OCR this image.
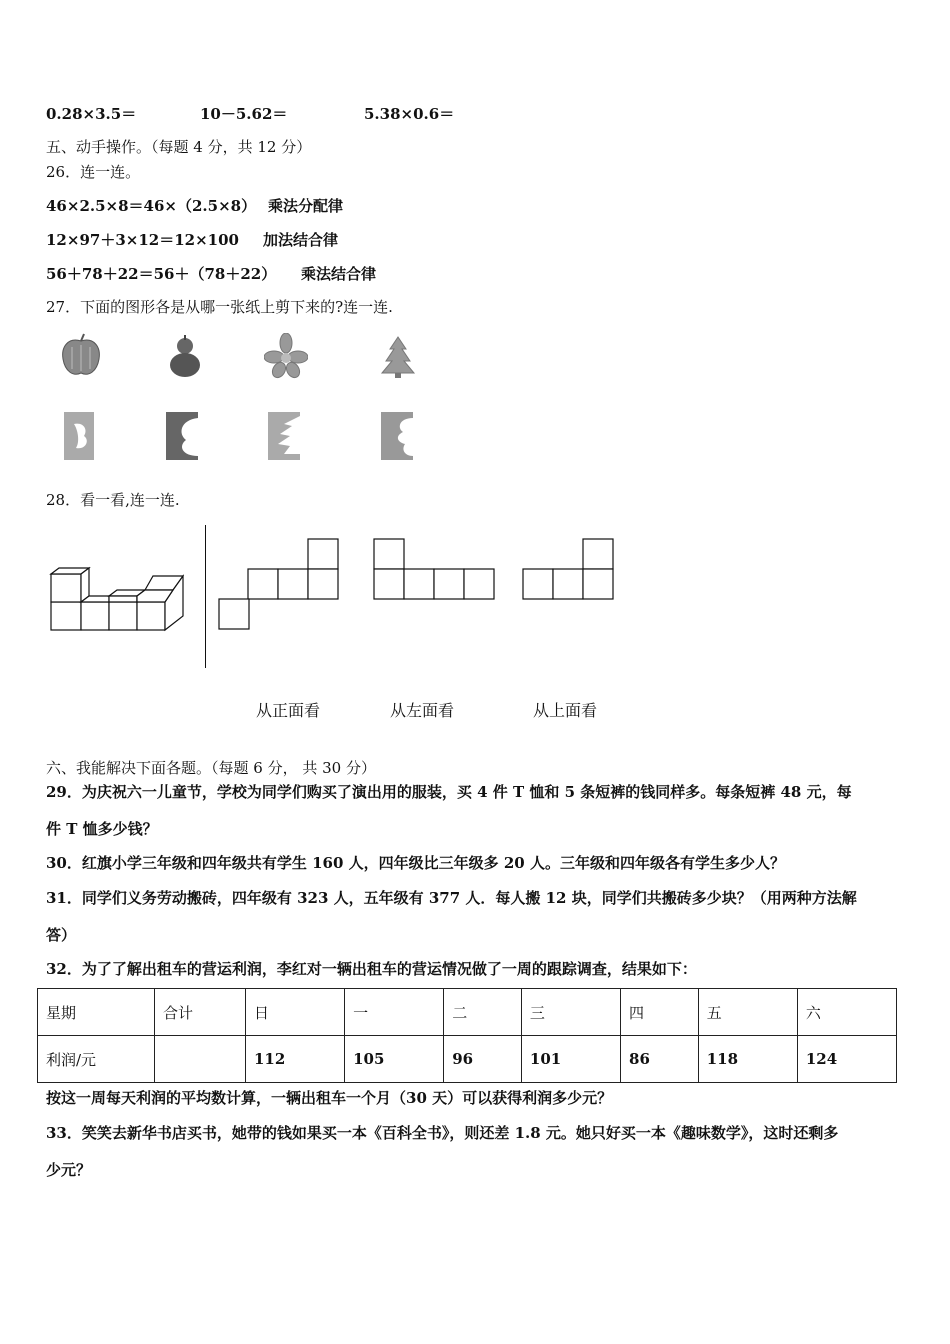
0.28×3.5＝	10－5.62＝	5.38×0.6＝
五、动手操作。（每题 4 分，共 12 分）
26．连一连。
46×2.5×8＝46×（2.5×8） 乘法分配律
12×97＋3×12＝12×100 加法结合律
56＋78＋22＝56＋（78＋22） 乘法结合律
27．下面的图形各是从哪一张纸上剪下来的?连一连.
28．看一看,连一连.
从正面看	从左面看	从上面看
六、我能解决下面各题。（每题 6 分， 共 30 分）
29．为庆祝六一儿童节，学校为同学们购买了演出用的服装，买 4 件 T 恤和 5 条短裤的钱同样多。每条短裤 48 元，每
件 T 恤多少钱？
30．红旗小学三年级和四年级共有学生 160 人，四年级比三年级多 20 人。三年级和四年级各有学生多少人？
31．同学们义务劳动搬砖，四年级有 323 人，五年级有 377 人．每人搬 12 块，同学们共搬砖多少块？（用两种方法解
答）
32．为了了解出租车的营运利润，李红对一辆出租车的营运情况做了一周的跟踪调查，结果如下：
星期	合计	日	一	二	三	四	五	六
利润/元		112	105	96	101	86	118	124
按这一周每天利润的平均数计算，一辆出租车一个月（30 天）可以获得利润多少元？
33．笑笑去新华书店买书，她带的钱如果买一本《百科全书》，则还差 1.8 元。她只好买一本《趣味数学》，这时还剩多
少元？
